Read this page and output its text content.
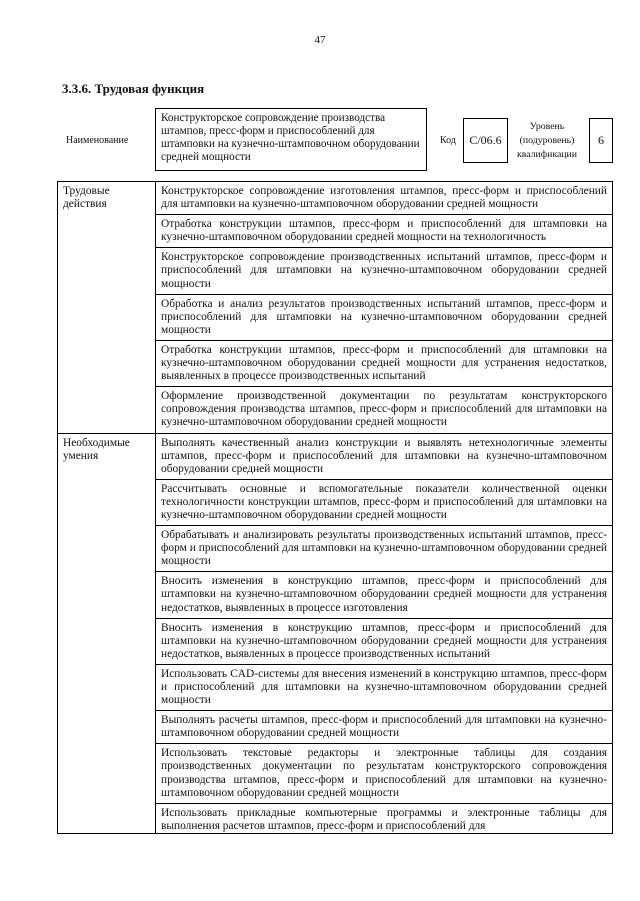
47
3.3.6. Трудовая функция
Наименование
Конструкторское сопровождение производства штампов, пресс-форм и приспособлений для штамповки на кузнечно-штамповочном оборудовании средней мощности
Код	С/06.6
Уровень (подуровень) квалификации
6
Трудовые действия	Конструкторское сопровождение изготовления штампов, пресс-форм и приспособлений для штамповки на кузнечно-штамповочном оборудовании средней мощности
	Отработка конструкции штампов, пресс-форм и приспособлений для штамповки на кузнечно-штамповочном оборудовании средней мощности на технологичность
	Конструкторское сопровождение производственных испытаний штампов, пресс-форм и приспособлений для штамповки на кузнечно-штамповочном оборудовании средней мощности
	Обработка и анализ результатов производственных испытаний штампов, пресс-форм и приспособлений для штамповки на кузнечно-штамповочном оборудовании средней мощности
	Отработка конструкции штампов, пресс-форм и приспособлений для штамповки на кузнечно-штамповочном оборудовании средней мощности для устранения недостатков, выявленных в процессе производственных испытаний
	Оформление производственной документации по результатам конструкторского сопровождения производства штампов, пресс-форм и приспособлений для штамповки на кузнечно-штамповочном оборудовании средней мощности
Необходимые умения	Выполнять качественный анализ конструкции и выявлять нетехнологичные элементы штампов, пресс-форм и приспособлений для штамповки на кузнечно-штамповочном оборудовании средней мощности
	Рассчитывать основные и вспомогательные показатели количественной оценки технологичности конструкции штампов, пресс-форм и приспособлений для штамповки на кузнечно-штамповочном оборудовании средней мощности
	Обрабатывать и анализировать результаты производственных испытаний штампов, пресс-форм и приспособлений для штамповки на кузнечно-штамповочном оборудовании средней мощности
	Вносить изменения в конструкцию штампов, пресс-форм и приспособлений для штамповки на кузнечно-штамповочном оборудовании средней мощности для устранения недостатков, выявленных в процессе изготовления
	Вносить изменения в конструкцию штампов, пресс-форм и приспособлений для штамповки на кузнечно-штамповочном оборудовании средней мощности для устранения недостатков, выявленных в процессе производственных испытаний
	Использовать CAD-системы для внесения изменений в конструкцию штампов, пресс-форм и приспособлений для штамповки на кузнечно-штамповочном оборудовании средней мощности
	Выполнять расчеты штампов, пресс-форм и приспособлений для штамповки на кузнечно-штамповочном оборудовании средней мощности
	Использовать текстовые редакторы и электронные таблицы для создания производственных документации по результатам конструкторского сопровождения производства штампов, пресс-форм и приспособлений для штамповки на кузнечно-штамповочном оборудовании средней мощности
	Использовать прикладные компьютерные программы и электронные таблицы для выполнения расчетов штампов, пресс-форм и приспособлений для
